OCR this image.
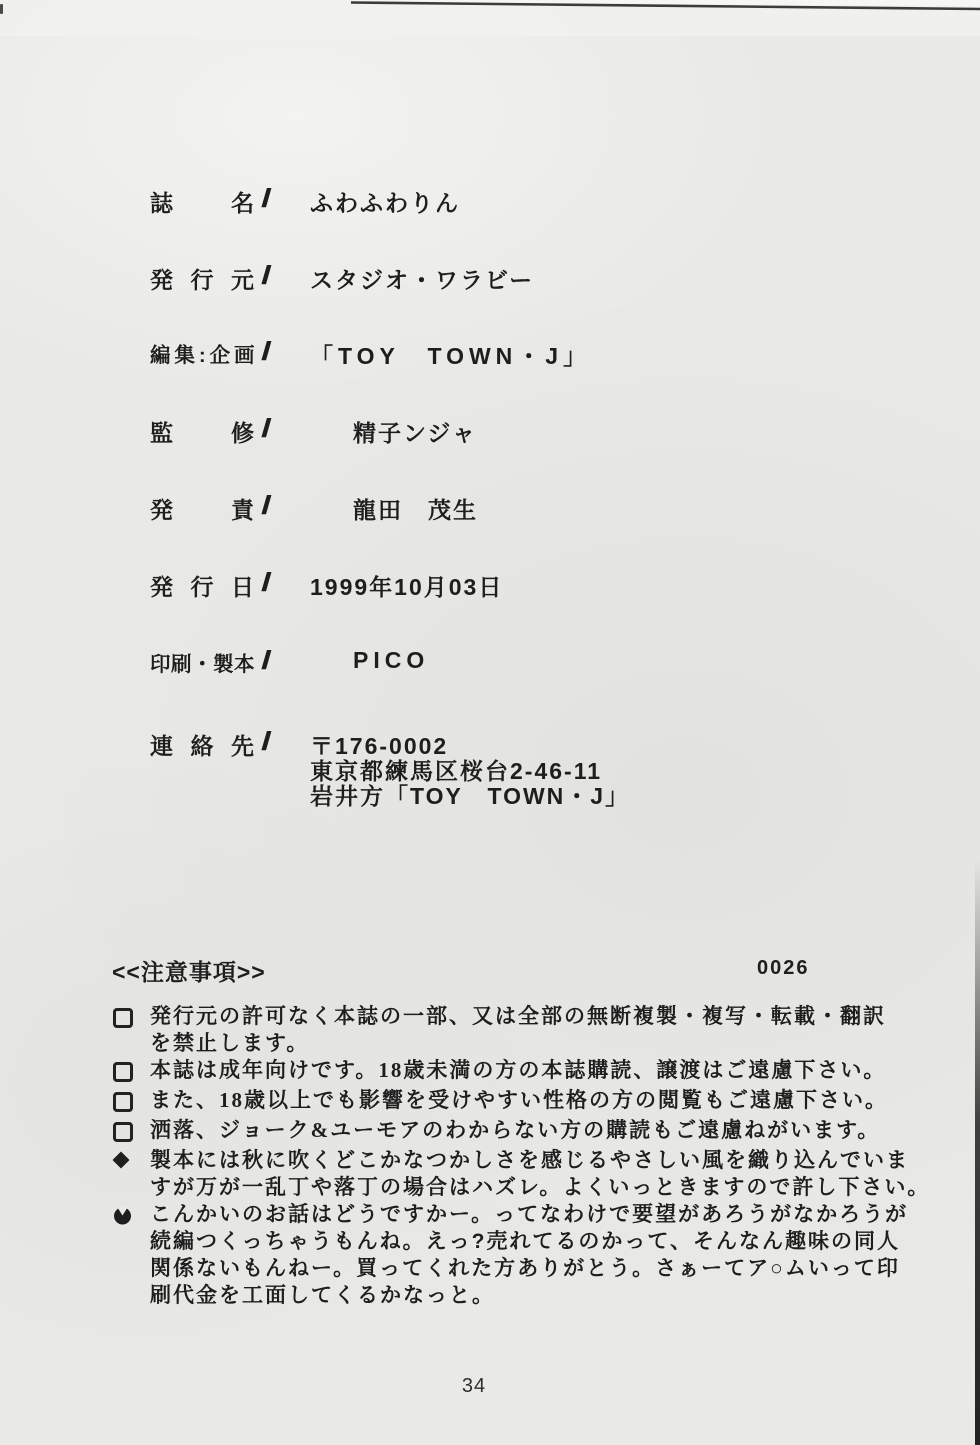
誌名 / ふわふわりん
発行元 / スタジオ・ワラビー
編集:企画 / 「TOY　TOWN・J」
監修 /	精子ンジャ
発責 /	龍田　茂生
発行日 / 1999年10月03日
印刷・製本 /	PICO
連絡先 / 〒176-0002
東京都練馬区桜台2-46-11
岩井方「TOY　TOWN・J」
<<注意事項>>	0026
発行元の許可なく本誌の一部、又は全部の無断複製・複写・転載・翻訳
を禁止します。
本誌は成年向けです。18歳未満の方の本誌購読、譲渡はご遠慮下さい。
また、18歳以上でも影響を受けやすい性格の方の閲覧もご遠慮下さい。
洒落、ジョーク&ユーモアのわからない方の購読もご遠慮ねがいます。
製本には秋に吹くどこかなつかしさを感じるやさしい風を織り込んでいま
すが万が一乱丁や落丁の場合はハズレ。よくいっときますので許し下さい。
こんかいのお話はどうですかー。ってなわけで要望があろうがなかろうが
続編つくっちゃうもんね。えっ?売れてるのかって、そんなん趣味の同人
関係ないもんねー。買ってくれた方ありがとう。さぁーてア○ムいって印
刷代金を工面してくるかなっと。
34
